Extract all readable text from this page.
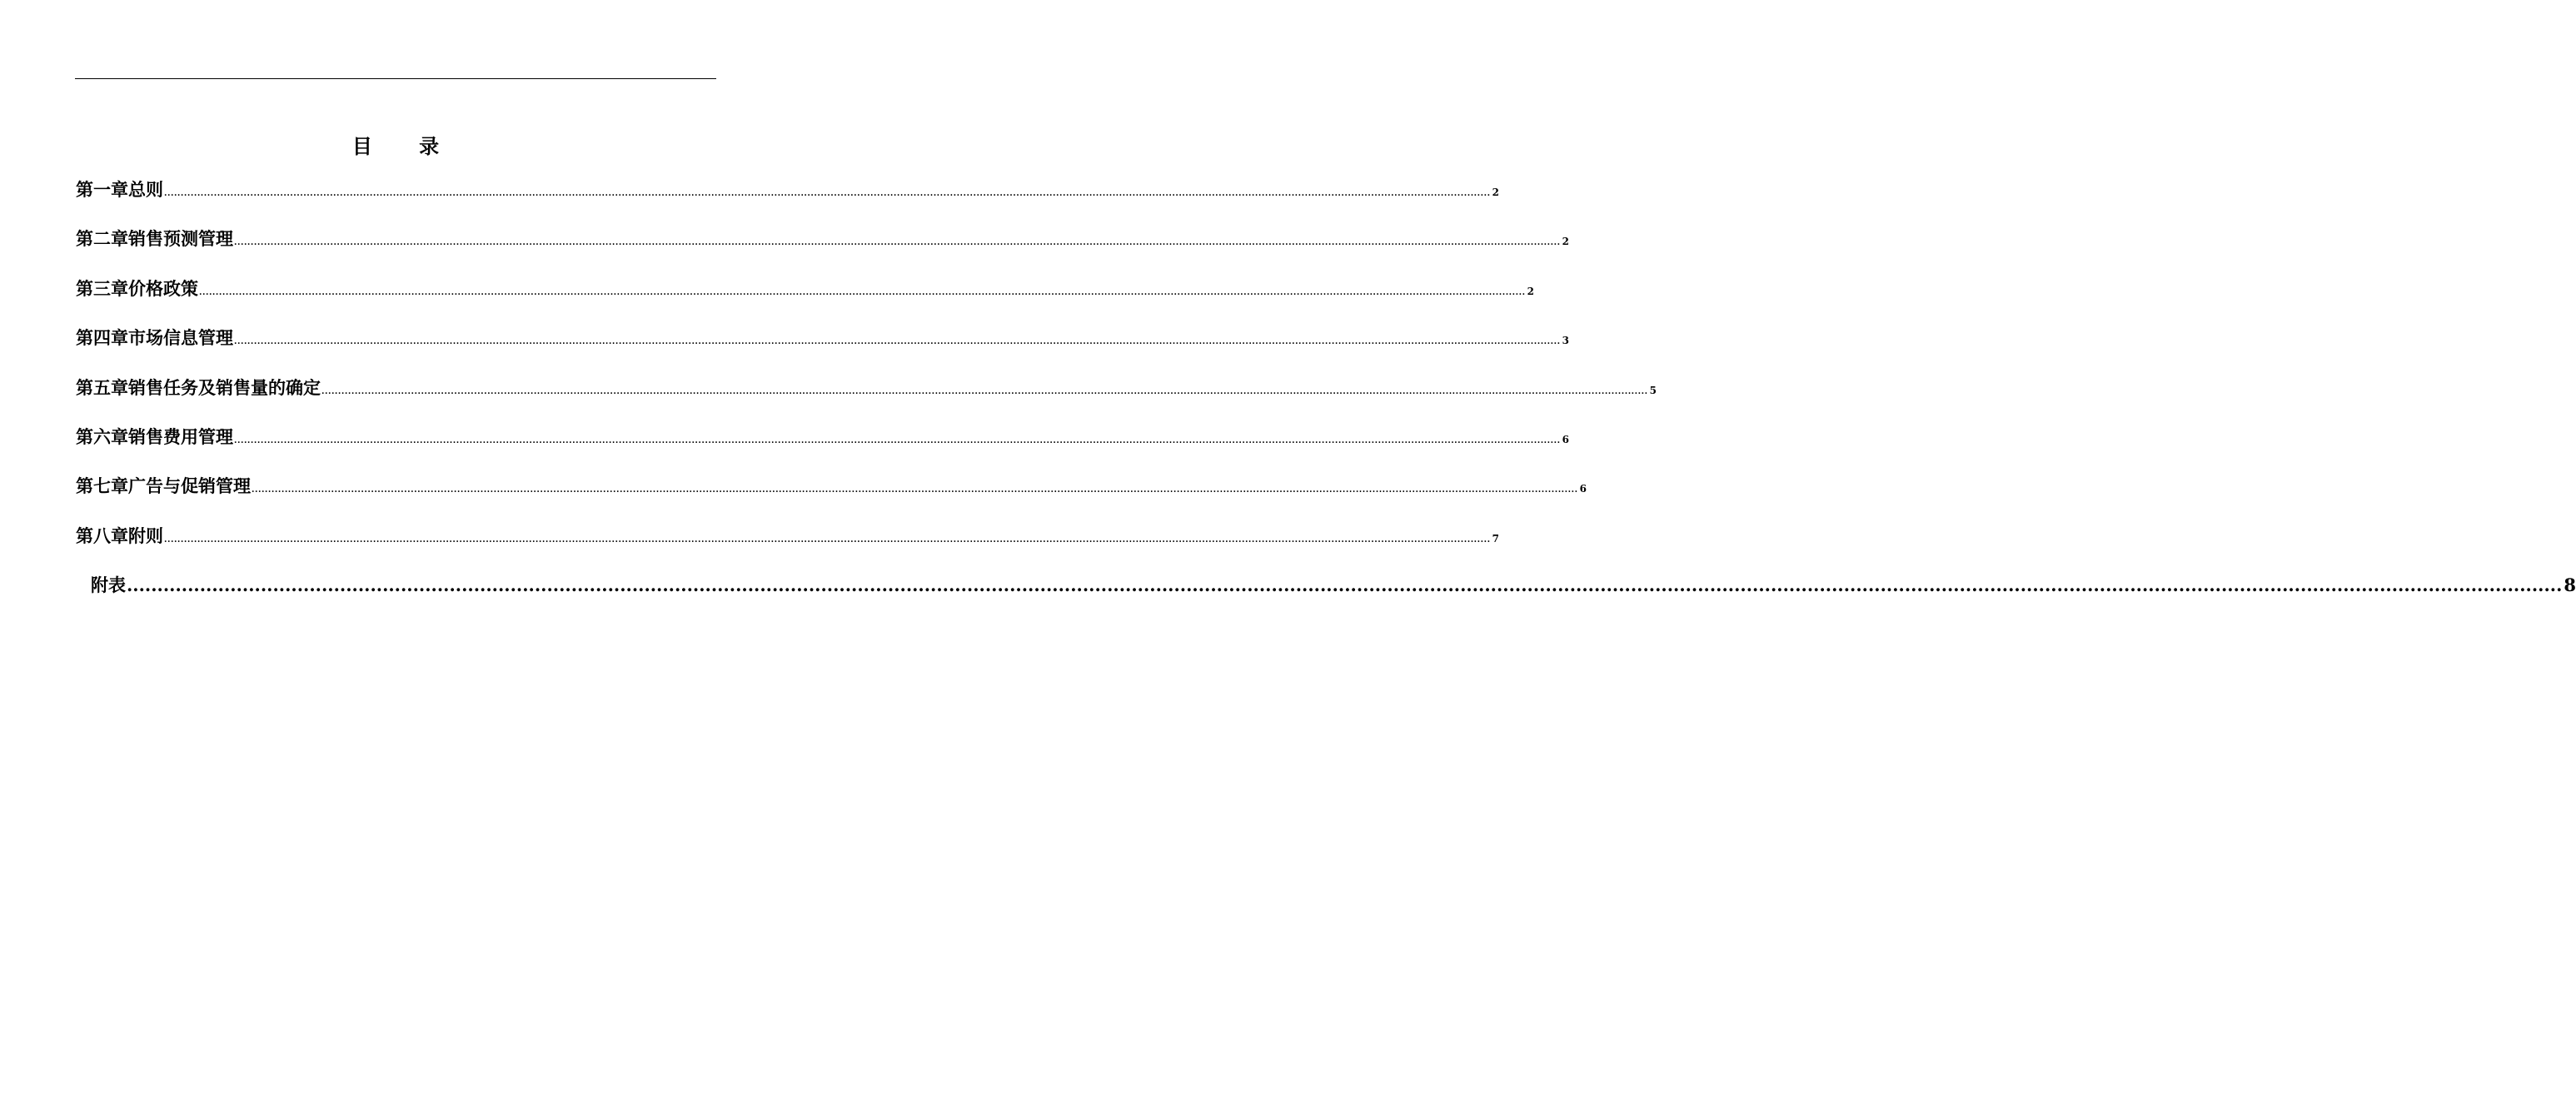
目 录
第一章 总则 ................................................................................................................................................................................................................................................................................................................................................................................................................ 2
第二章 销售预测管理 ................................................................................................................................................................................................................................................................................................................................................................................................................ 2
第三章 价格政策 ................................................................................................................................................................................................................................................................................................................................................................................................................ 2
第四章 市场信息管理 ................................................................................................................................................................................................................................................................................................................................................................................................................ 3
第五章 销售任务及销售量的确定 ................................................................................................................................................................................................................................................................................................................................................................................................................ 5
第六章 销售费用管理 ................................................................................................................................................................................................................................................................................................................................................................................................................ 6
第七章 广告与促销管理 ................................................................................................................................................................................................................................................................................................................................................................................................................ 6
第八章 附则 ................................................................................................................................................................................................................................................................................................................................................................................................................ 7
附表 ................................................................................................................................................................................................................................................................................................................................................................................................................ 8
